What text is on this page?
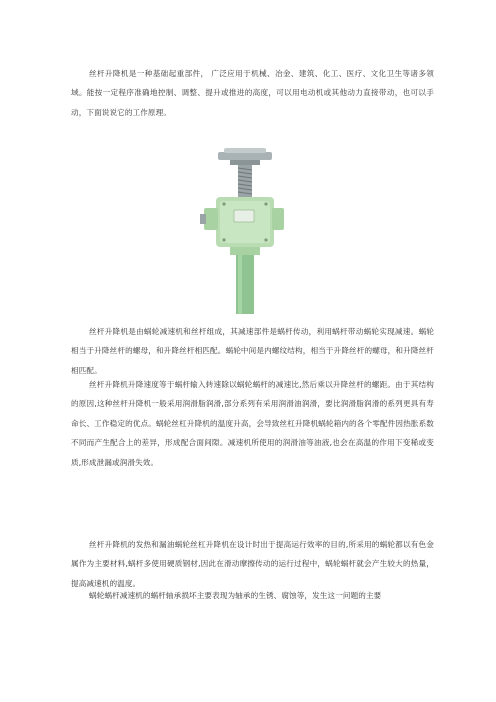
丝杆升降机是一种基础起重部件， 广泛应用于机械、冶金、建筑、化工、医疗、文化卫生等诸多领域。能按一定程序准确地控制、调整、提升或推进的高度，可以用电动机或其他动力直接带动，也可以手动，下面说说它的工作原理。

丝杆升降机是由蜗轮减速机和丝杆组成，其减速部件是蜗杆传动，利用蜗杆带动蜗轮实现减速。蜗轮相当于升降丝杆的螺母，和升降丝杆相匹配。蜗轮中间是内螺纹结构，相当于升降丝杆的螺母，和升降丝杆相匹配。

丝杆升降机升降速度等于蜗杆输入转速除以蜗轮蜗杆的减速比,然后乘以升降丝杆的螺距。由于其结构的原因,这种丝杆升降机一般采用润滑脂润滑,部分系列有采用润滑油润滑，要比润滑脂润滑的系列更具有寿命长、工作稳定的优点。蜗轮丝杠升降机的温度升高，会导致丝杠升降机蜗轮箱内的各个零配件因热胀系数不同而产生配合上的差异，形成配合面间隙。减速机所使用的润滑油等油液,也会在高温的作用下变稀或变质,形成泄漏或润滑失效。

丝杆升降机的发热和漏油蜗轮丝杠升降机在设计时出于提高运行效率的目的,所采用的蜗轮都以有色金属作为主要材料,蜗杆多使用硬质钢材,因此在滑动摩擦传动的运行过程中，蜗轮蜗杆就会产生较大的热量，提高减速机的温度。

蜗轮蜗杆减速机的蜗杆轴承损坏主要表现为轴承的生锈、腐蚀等，发生这一问题的主要
